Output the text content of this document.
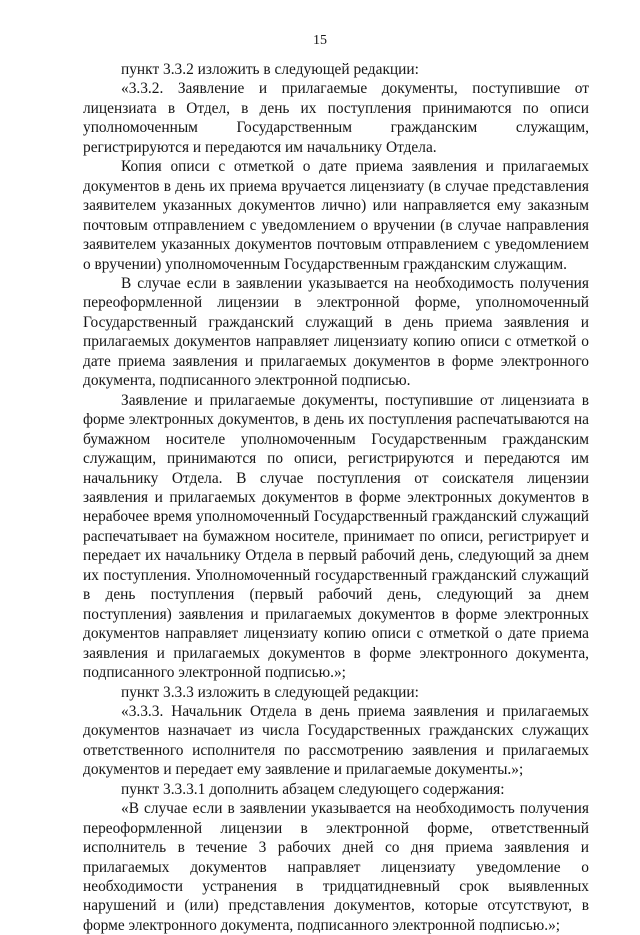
15

пункт 3.3.2 изложить в следующей редакции:

«3.3.2. Заявление и прилагаемые документы, поступившие от лицензиата в Отдел, в день их поступления принимаются по описи уполномоченным Государственным гражданским служащим, регистрируются и передаются им начальнику Отдела.

Копия описи с отметкой о дате приема заявления и прилагаемых документов в день их приема вручается лицензиату (в случае представления заявителем указанных документов лично) или направляется ему заказным почтовым отправлением с уведомлением о вручении (в случае направления заявителем указанных документов почтовым отправлением с уведомлением о вручении) уполномоченным Государственным гражданским служащим.

В случае если в заявлении указывается на необходимость получения переоформленной лицензии в электронной форме, уполномоченный Государственный гражданский служащий в день приема заявления и прилагаемых документов направляет лицензиату копию описи с отметкой о дате приема заявления и прилагаемых документов в форме электронного документа, подписанного электронной подписью.

Заявление и прилагаемые документы, поступившие от лицензиата в форме электронных документов, в день их поступления распечатываются на бумажном носителе уполномоченным Государственным гражданским служащим, принимаются по описи, регистрируются и передаются им начальнику Отдела. В случае поступления от соискателя лицензии заявления и прилагаемых документов в форме электронных документов в нерабочее время уполномоченный Государственный гражданский служащий распечатывает на бумажном носителе, принимает по описи, регистрирует и передает их начальнику Отдела в первый рабочий день, следующий за днем их поступления. Уполномоченный государственный гражданский служащий в день поступления (первый рабочий день, следующий за днем поступления) заявления и прилагаемых документов в форме электронных документов направляет лицензиату копию описи с отметкой о дате приема заявления и прилагаемых документов в форме электронного документа, подписанного электронной подписью.»;

пункт 3.3.3 изложить в следующей редакции:

«3.3.3. Начальник Отдела в день приема заявления и прилагаемых документов назначает из числа Государственных гражданских служащих ответственного исполнителя по рассмотрению заявления и прилагаемых документов и передает ему заявление и прилагаемые документы.»;

пункт 3.3.3.1 дополнить абзацем следующего содержания:

«В случае если в заявлении указывается на необходимость получения переоформленной лицензии в электронной форме, ответственный исполнитель в течение 3 рабочих дней со дня приема заявления и прилагаемых документов направляет лицензиату уведомление о необходимости устранения в тридцатидневный срок выявленных нарушений и (или) представления документов, которые отсутствуют, в форме электронного документа, подписанного электронной подписью.»;
